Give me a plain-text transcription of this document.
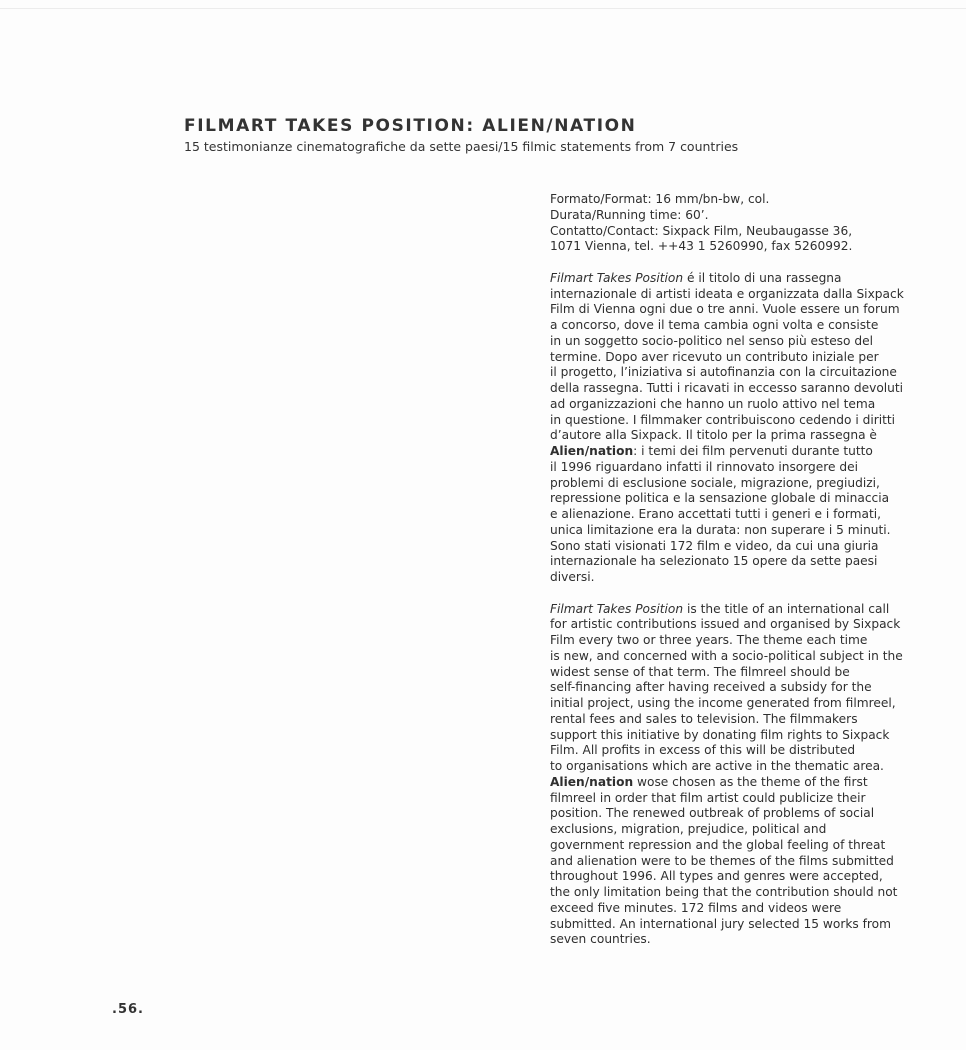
FILMART TAKES POSITION: ALIEN/NATION

15 testimonianze cinematografiche da sette paesi/15 filmic statements from 7 countries

Formato/Format: 16 mm/bn-bw, col.
Durata/Running time: 60’.
Contatto/Contact: Sixpack Film, Neubaugasse 36,
1071 Vienna, tel. ++43 1 5260990, fax 5260992.
Filmart Takes Position é il titolo di una rassegna
internazionale di artisti ideata e organizzata dalla Sixpack
Film di Vienna ogni due o tre anni. Vuole essere un forum
a concorso, dove il tema cambia ogni volta e consiste
in un soggetto socio-politico nel senso più esteso del
termine. Dopo aver ricevuto un contributo iniziale per
il progetto, l’iniziativa si autofinanzia con la circuitazione
della rassegna. Tutti i ricavati in eccesso saranno devoluti
ad organizzazioni che hanno un ruolo attivo nel tema
in questione. I filmmaker contribuiscono cedendo i diritti
d’autore alla Sixpack. Il titolo per la prima rassegna è
Alien/nation: i temi dei film pervenuti durante tutto
il 1996 riguardano infatti il rinnovato insorgere dei
problemi di esclusione sociale, migrazione, pregiudizi,
repressione politica e la sensazione globale di minaccia
e alienazione. Erano accettati tutti i generi e i formati,
unica limitazione era la durata: non superare i 5 minuti.
Sono stati visionati 172 film e video, da cui una giuria
internazionale ha selezionato 15 opere da sette paesi
diversi.
Filmart Takes Position is the title of an international call
for artistic contributions issued and organised by Sixpack
Film every two or three years. The theme each time
is new, and concerned with a socio-political subject in the
widest sense of that term. The filmreel should be
self-financing after having received a subsidy for the
initial project, using the income generated from filmreel,
rental fees and sales to television. The filmmakers
support this initiative by donating film rights to Sixpack
Film. All profits in excess of this will be distributed
to organisations which are active in the thematic area.
Alien/nation wose chosen as the theme of the first
filmreel in order that film artist could publicize their
position. The renewed outbreak of problems of social
exclusions, migration, prejudice, political and
government repression and the global feeling of threat
and alienation were to be themes of the films submitted
throughout 1996. All types and genres were accepted,
the only limitation being that the contribution should not
exceed five minutes. 172 films and videos were
submitted. An international jury selected 15 works from
seven countries.
.56.
